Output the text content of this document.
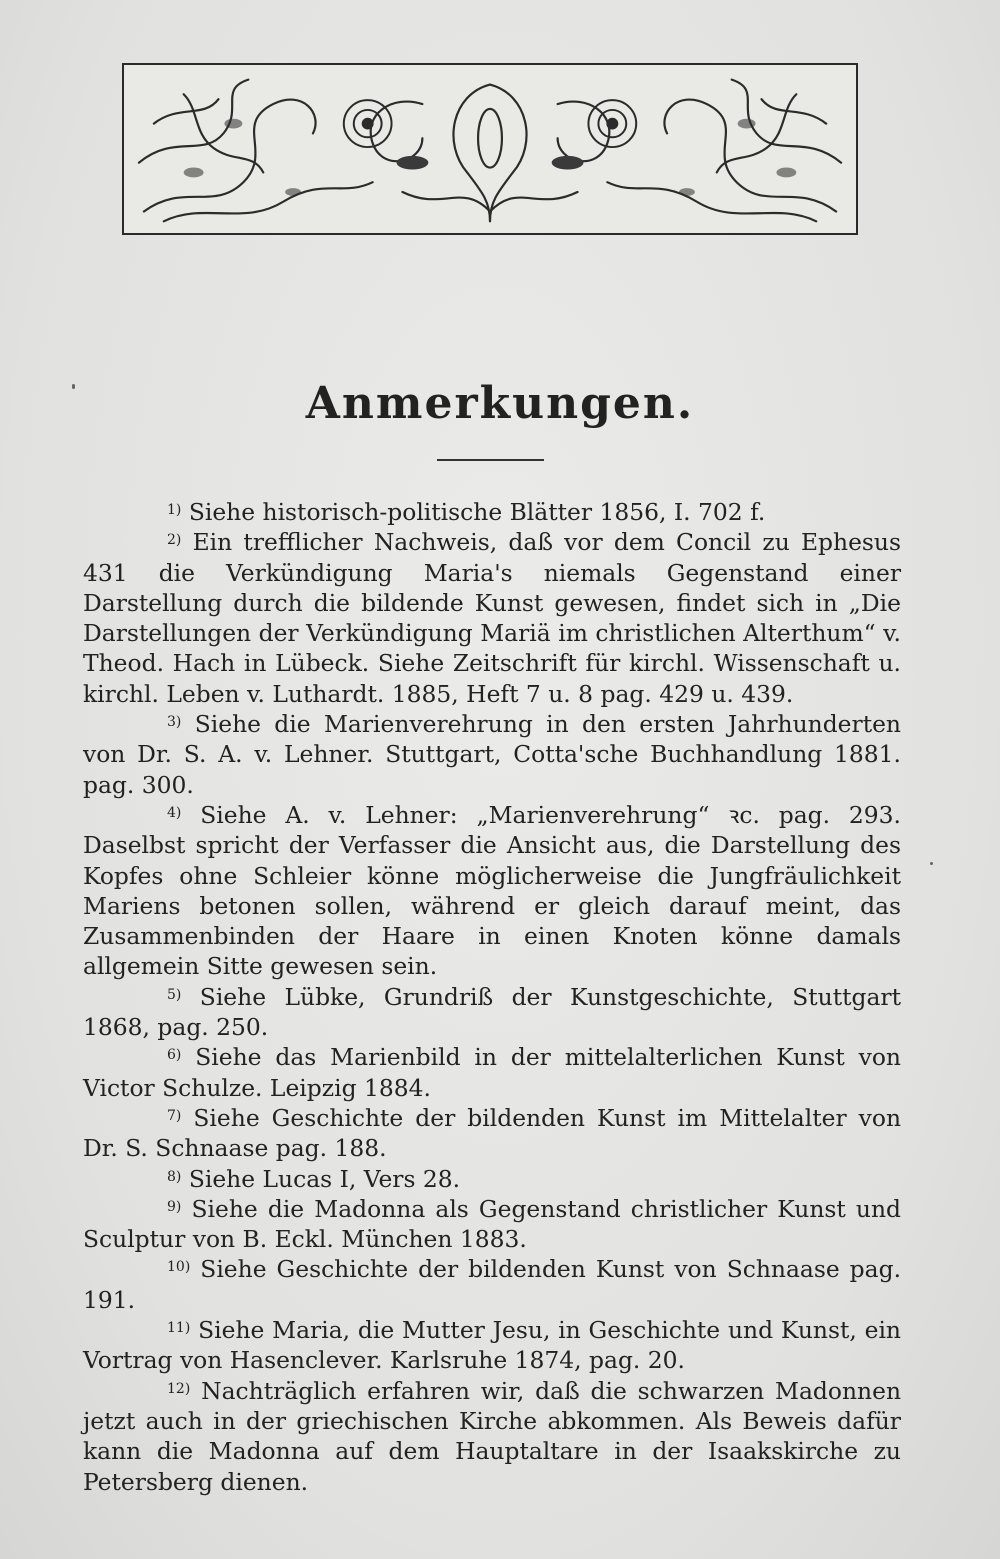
Anmerkungen.

$^{1)}$ Siehe historisch-politische Blätter 1856, I. 702 f.

$^{2)}$ Ein trefflicher Nachweis, daß vor dem Concil zu Ephesus 431 die Verkündigung Maria's niemals Gegenstand einer Darstellung durch die bildende Kunst gewesen, findet sich in „Die Darstellungen der Verkündigung Mariä im christlichen Alterthum“ v. Theod. Hach in Lübeck. Siehe Zeitschrift für kirchl. Wissenschaft u. kirchl. Leben v. Luthardt. 1885, Heft 7 u. 8 pag. 429 u. 439.

$^{3)}$ Siehe die Marienverehrung in den ersten Jahrhunderten von Dr. S. A. v. Lehner. Stuttgart, Cotta'sche Buchhandlung 1881. pag. 300.

$^{4)}$ Siehe A. v. Lehner: „Marienverehrung“ ꝛc. pag. 293. Daselbst spricht der Verfasser die Ansicht aus, die Darstellung des Kopfes ohne Schleier könne möglicherweise die Jungfräulichkeit Mariens betonen sollen, während er gleich darauf meint, das Zusammenbinden der Haare in einen Knoten könne damals allgemein Sitte gewesen sein.

$^{5)}$ Siehe Lübke, Grundriß der Kunstgeschichte, Stuttgart 1868, pag. 250.

$^{6)}$ Siehe das Marienbild in der mittelalterlichen Kunst von Victor Schulze. Leipzig 1884.

$^{7)}$ Siehe Geschichte der bildenden Kunst im Mittelalter von Dr. S. Schnaase pag. 188.

$^{8)}$ Siehe Lucas I, Vers 28.

$^{9)}$ Siehe die Madonna als Gegenstand christlicher Kunst und Sculptur von B. Eckl. München 1883.

$^{10)}$ Siehe Geschichte der bildenden Kunst von Schnaase pag. 191.

$^{11)}$ Siehe Maria, die Mutter Jesu, in Geschichte und Kunst, ein Vortrag von Hasenclever. Karlsruhe 1874, pag. 20.

$^{12)}$ Nachträglich erfahren wir, daß die schwarzen Madonnen jetzt auch in der griechischen Kirche abkommen. Als Beweis dafür kann die Madonna auf dem Hauptaltare in der Isaakskirche zu Petersberg dienen.
